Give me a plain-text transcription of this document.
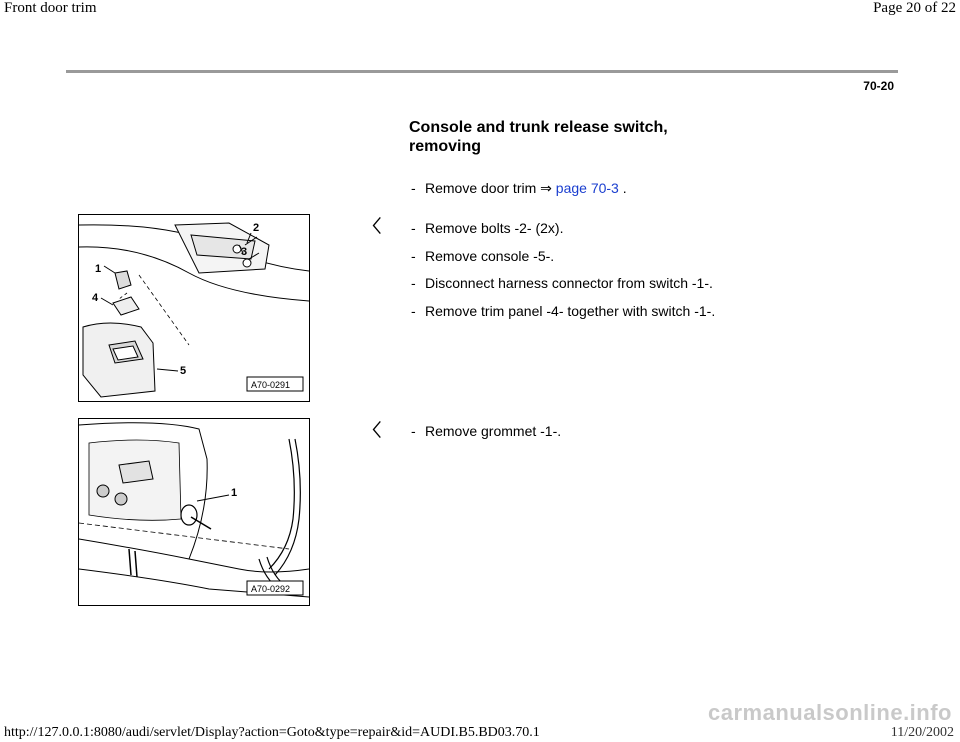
Front door trim	Page 20 of 22
70-20
Console and trunk release switch,
removing
- Remove door trim ⇒ page 70-3 .
1
2
3
4
5
A70-0291
〈 - Remove bolts -2- (2x).
- Remove console -5-.
- Disconnect harness connector from switch -1-.
- Remove trim panel -4- together with switch -1-.
1
A70-0292
〈 - Remove grommet -1-.
carmanualsonline.info
http://127.0.0.1:8080/audi/servlet/Display?action=Goto&type=repair&id=AUDI.B5.BD03.70.1	11/20/2002
